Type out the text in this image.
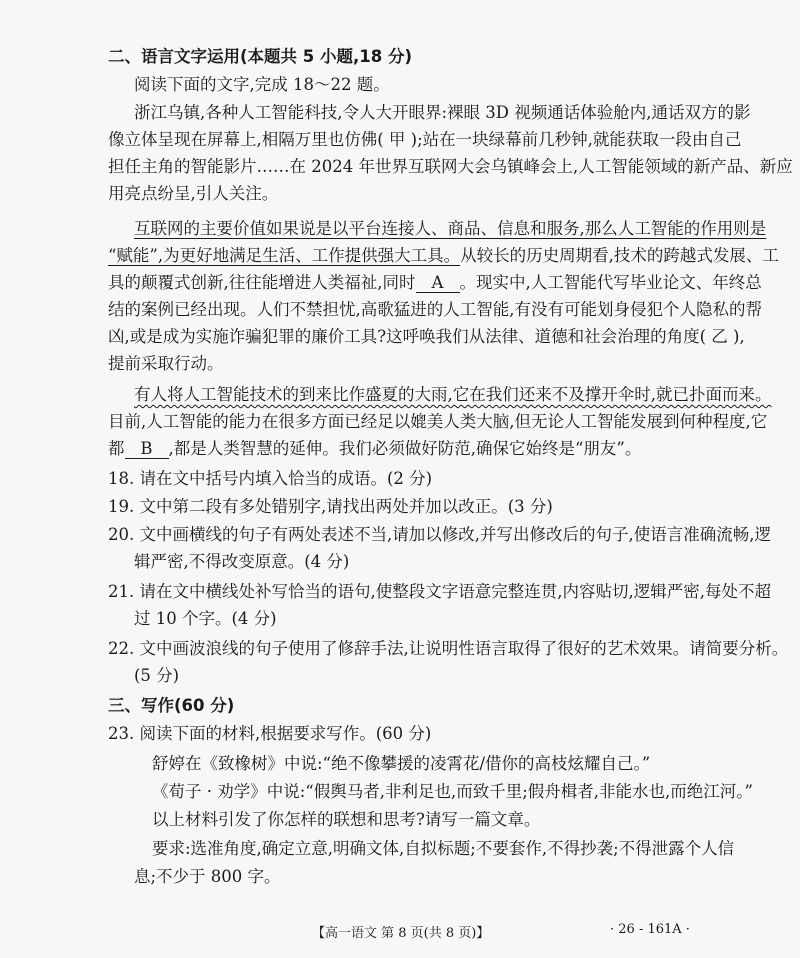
二、语言文字运用(本题共 5 小题,18 分)
阅读下面的文字,完成 18～22 题。
浙江乌镇,各种人工智能科技,令人大开眼界:裸眼 3D 视频通话体验舱内,通话双方的影
像立体呈现在屏幕上,相隔万里也仿佛( 甲 );站在一块绿幕前几秒钟,就能获取一段由自己
担任主角的智能影片……在 2024 年世界互联网大会乌镇峰会上,人工智能领域的新产品、新应
用亮点纷呈,引人关注。
互联网的主要价值如果说是以平台连接人、商品、信息和服务,那么人工智能的作用则是
“赋能”,为更好地满足生活、工作提供强大工具。从较长的历史周期看,技术的跨越式发展、工
具的颠覆式创新,往往能增进人类福祉,同时 A 。现实中,人工智能代写毕业论文、年终总
结的案例已经出现。人们不禁担忧,高歌猛进的人工智能,有没有可能划身侵犯个人隐私的帮
凶,或是成为实施诈骗犯罪的廉价工具?这呼唤我们从法律、道德和社会治理的角度( 乙 ),
提前采取行动。
有人将人工智能技术的到来比作盛夏的大雨,它在我们还来不及撑开伞时,就已扑面而来。
目前,人工智能的能力在很多方面已经足以媲美人类大脑,但无论人工智能发展到何种程度,它
都 B ,都是人类智慧的延伸。我们必须做好防范,确保它始终是“朋友”。
18. 请在文中括号内填入恰当的成语。(2 分)
19. 文中第二段有多处错别字,请找出两处并加以改正。(3 分)
20. 文中画横线的句子有两处表述不当,请加以修改,并写出修改后的句子,使语言准确流畅,逻
辑严密,不得改变原意。(4 分)
21. 请在文中横线处补写恰当的语句,使整段文字语意完整连贯,内容贴切,逻辑严密,每处不超
过 10 个字。(4 分)
22. 文中画波浪线的句子使用了修辞手法,让说明性语言取得了很好的艺术效果。请简要分析。
(5 分)
三、写作(60 分)
23. 阅读下面的材料,根据要求写作。(60 分)
舒婷在《致橡树》中说:“绝不像攀援的凌霄花/借你的高枝炫耀自己。”
《荀子 · 劝学》中说:“假舆马者,非利足也,而致千里;假舟楫者,非能水也,而绝江河。”
以上材料引发了你怎样的联想和思考?请写一篇文章。
要求:选准角度,确定立意,明确文体,自拟标题;不要套作,不得抄袭;不得泄露个人信
息;不少于 800 字。
【高一语文 第 8 页(共 8 页)】	· 26 - 161A ·
